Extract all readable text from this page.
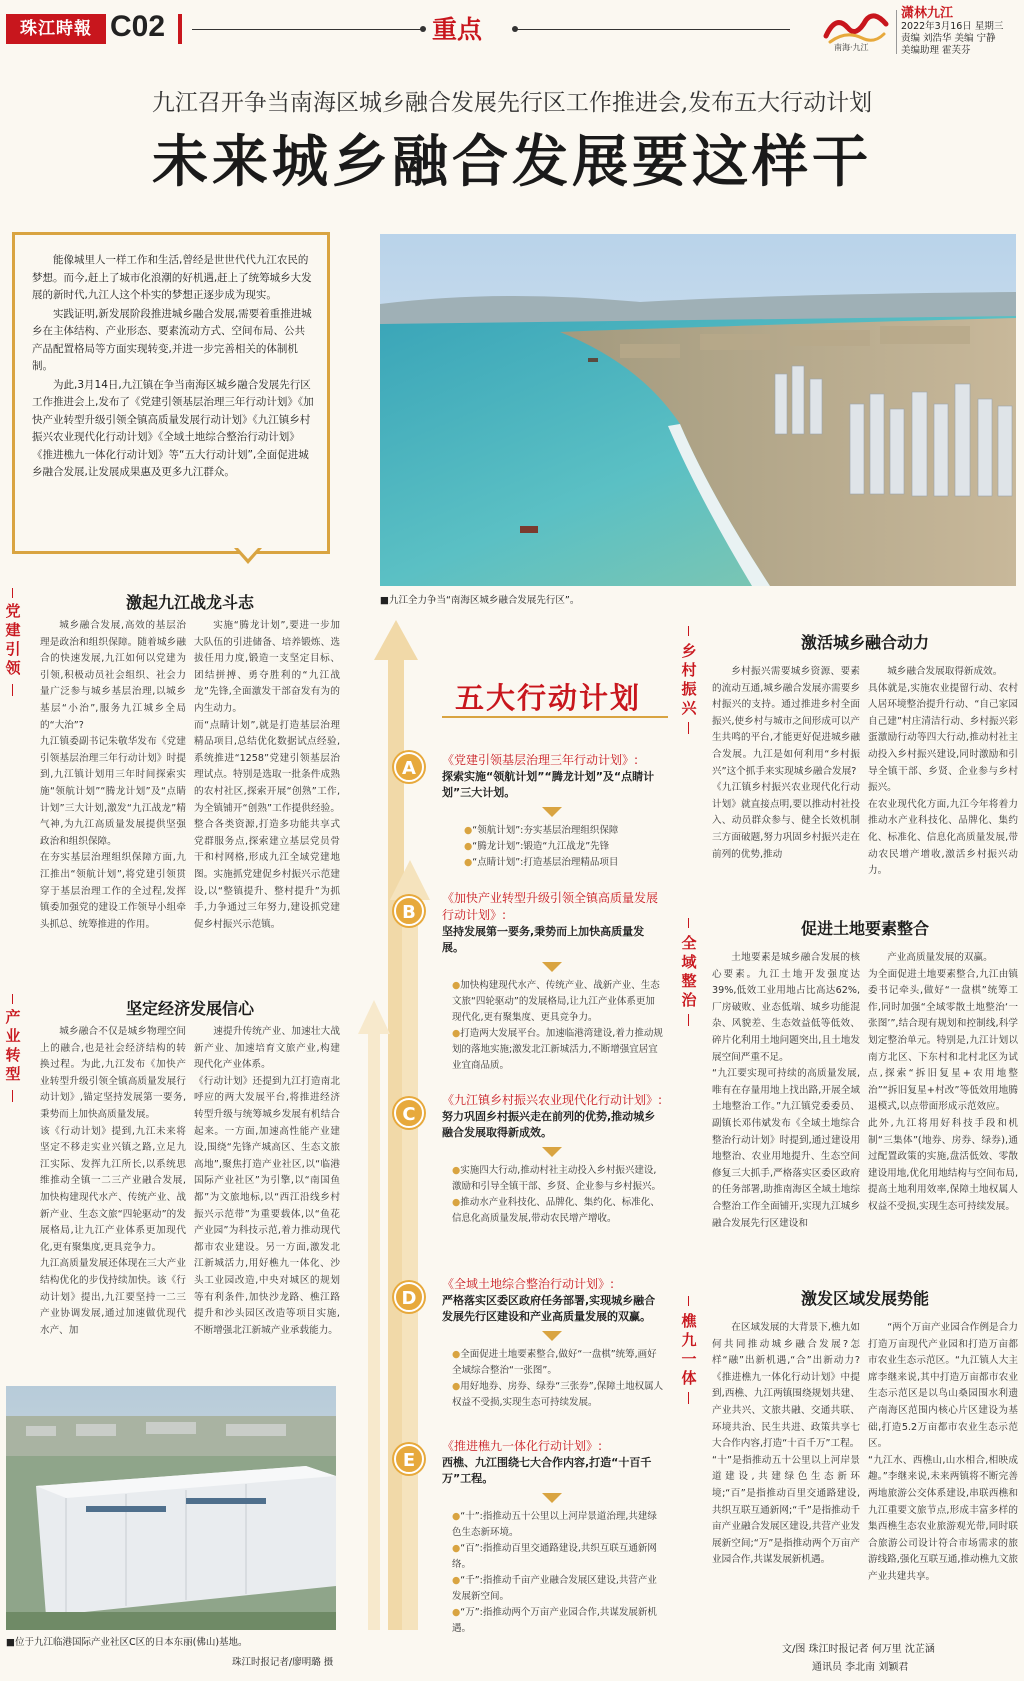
珠江時報 C02	重点
南海·九江
潇林九江
2022年3月16日 星期三
责编 刘浩华 美编 宁静
美编助理 霍芙芬
九江召开争当南海区城乡融合发展先行区工作推进会,发布五大行动计划
未来城乡融合发展要这样干

能像城里人一样工作和生活,曾经是世世代代九江农民的梦想。而今,赶上了城市化浪潮的好机遇,赶上了统筹城乡大发展的新时代,九江人这个朴实的梦想正逐步成为现实。

实践证明,新发展阶段推进城乡融合发展,需要着重推进城乡在主体结构、产业形态、要素流动方式、空间布局、公共产品配置格局等方面实现转变,并进一步完善相关的体制机制。

为此,3月14日,九江镇在争当南海区城乡融合发展先行区工作推进会上,发布了《党建引领基层治理三年行动计划》《加快产业转型升级引领全镇高质量发展行动计划》《九江镇乡村振兴农业现代化行动计划》《全域土地综合整治行动计划》《推进樵九一体化行动计划》等“五大行动计划”,全面促进城乡融合发展,让发展成果惠及更多九江群众。

■九江全力争当“南海区城乡融合发展先行区”。
党建引领
激起九江战龙斗志
城乡融合发展,高效的基层治理是政治和组织保障。随着城乡融合的快速发展,九江如何以党建为引领,积极动员社会组织、社会力量广泛参与城乡基层治理,以城乡基层“小治”,服务九江城乡全局的“大治”?
九江镇委副书记朱敬华发布《党建引领基层治理三年行动计划》时提到,九江镇计划用三年时间探索实施“领航计划”“腾龙计划”及“点睛计划”三大计划,激发“九江战龙”精气神,为九江高质量发展提供坚强政治和组织保障。
在夯实基层治理组织保障方面,九江推出“领航计划”,将党建引领贯穿于基层治理工作的全过程,发挥镇委加强党的建设工作领导小组牵头抓总、统筹推进的作用。
实施“腾龙计划”,要进一步加大队伍的引进储备、培养锻炼、选拔任用力度,锻造一支坚定目标、团结拼搏、勇夺胜利的“九江战龙”先锋,全面激发干部奋发有为的内生动力。
而“点睛计划”,就是打造基层治理精品项目,总结优化数据试点经验,系统推进“1258”党建引领基层治理试点。特别是选取一批条件成熟的农村社区,探索开展“创熟”工作,为全镇铺开“创熟”工作提供经验。整合各类资源,打造多功能共享式党群服务点,探索建立基层党员骨干和村网格,形成九江全域党建地图。实施抓党建促乡村振兴示范建设,以“整镇提升、整村提升”为抓手,力争通过三年努力,建设抓党建促乡村振兴示范镇。
产业转型
坚定经济发展信心
城乡融合不仅是城乡物理空间上的融合,也是社会经济结构的转换过程。为此,九江发布《加快产业转型升级引领全镇高质量发展行动计划》,锚定坚持发展第一要务,秉势而上加快高质量发展。
该《行动计划》提到,九江未来将坚定不移走实业兴镇之路,立足九江实际、发挥九江所长,以系统思维推动全镇一二三产业融合发展,加快构建现代水产、传统产业、战新产业、生态文旅“四轮驱动”的发展格局,让九江产业体系更加现代化,更有聚集度,更具竞争力。
九江高质量发展还体现在三大产业结构优化的步伐持续加快。该《行动计划》提出,九江要坚持一二三产业协调发展,通过加速做优现代水产、加
速提升传统产业、加速壮大战新产业、加速培育文旅产业,构建现代化产业体系。
《行动计划》还提到九江打造南北呼应的两大发展平台,将推进经济转型升级与统筹城乡发展有机结合起来。一方面,加速高性能产业建设,围绕“先锋产城高区、生态文旅高地”,聚焦打造产业社区,以“临港国际产业社区”为引擎,以“南国鱼都”为文旅地标,以“西江沿线乡村振兴示范带”为重要载体,以“鱼花产业园”为科技示范,着力推动现代都市农业建设。另一方面,激发北江新城活力,用好樵九一体化、沙头工业园改造,中央对城区的规划等有利条件,加快沙龙路、樵江路提升和沙头园区改造等项目实施,不断增强北江新城产业承载能力。
■位于九江临港国际产业社区C区的日本东丽(佛山)基地。
珠江时报记者/廖明璐 摄
五大行动计划
A	《党建引领基层治理三年行动计划》:
探索实施“领航计划”“腾龙计划”及“点睛计划”三大计划。
●“领航计划”:夯实基层治理组织保障
●“腾龙计划”:锻造“九江战龙”先锋
●“点睛计划”:打造基层治理精品项目
B
《加快产业转型升级引领全镇高质量发展行动计划》:
坚持发展第一要务,秉势而上加快高质量发展。
●加快构建现代水产、传统产业、战新产业、生态文旅“四轮驱动”的发展格局,让九江产业体系更加现代化,更有聚集度、更具竞争力。
●打造两大发展平台。加速临港湾建设,着力推动规划的落地实施;激发北江新城活力,不断增强宜居宜业宜商品质。
C
《九江镇乡村振兴农业现代化行动计划》:
努力巩固乡村振兴走在前列的优势,推动城乡融合发展取得新成效。
●实施四大行动,推动村社主动投入乡村振兴建设,激励和引导全镇干部、乡贤、企业参与乡村振兴。
●推动水产业科技化、品牌化、集约化、标准化、信息化高质量发展,带动农民增产增收。
D
《全域土地综合整治行动计划》:
严格落实区委区政府任务部署,实现城乡融合发展先行区建设和产业高质量发展的双赢。
●全面促进土地要素整合,做好“一盘棋”统筹,画好全域综合整治“一张图”。
●用好地券、房券、绿券“三张券”,保障土地权属人权益不受损,实现生态可持续发展。
E
《推进樵九一体化行动计划》:
西樵、九江围绕七大合作内容,打造“十百千万”工程。
●“十”:指推动五十公里以上河岸景道治理,共建绿色生态新环境。
●“百”:指推动百里交通路建设,共织互联互通新网络。
●“千”:指推动千亩产业融合发展区建设,共营产业发展新空间。
●“万”:指推动两个万亩产业园合作,共谋发展新机遇。
乡村振兴
激活城乡融合动力
乡村振兴需要城乡资源、要素的流动互通,城乡融合发展亦需要乡村振兴的支持。通过推进乡村全面振兴,使乡村与城市之间形成可以产生共鸣的平台,才能更好促进城乡融合发展。九江是如何利用“乡村振兴”这个抓手来实现城乡融合发展?
《九江镇乡村振兴农业现代化行动计划》就直接点明,要以推动村社投入、动员群众参与、健全长效机制三方面破题,努力巩固乡村振兴走在前列的优势,推动
城乡融合发展取得新成效。
具体就是,实施农业提留行动、农村人居环境整治提升行动、“自己家园自己建”村庄清洁行动、乡村振兴彩蛋激励行动等四大行动,推动村社主动投入乡村振兴建设,同时激励和引导全镇干部、乡贤、企业参与乡村振兴。
在农业现代化方面,九江今年将着力推动水产业科技化、品牌化、集约化、标准化、信息化高质量发展,带动农民增产增收,激活乡村振兴动力。
全域整治
促进土地要素整合
土地要素是城乡融合发展的核心要素。九江土地开发强度达39%,低效工业用地占比高达62%,厂房破败、业态低端、城乡功能混杂、风貌差、生态效益低等低效、碎片化利用土地问题突出,且土地发展空间严重不足。
“九江要实现可持续的高质量发展,唯有在存量用地上找出路,开展全域土地整治工作。”九江镇党委委员、副镇长邓伟斌发布《全域土地综合整治行动计划》时提到,通过建设用地整治、农业用地提升、生态空间修复三大抓手,严格落实区委区政府的任务部署,助推南海区全域土地综合整治工作全面铺开,实现九江城乡融合发展先行区建设和
产业高质量发展的双赢。
为全面促进土地要素整合,九江由镇委书记牵头,做好“一盘棋”统筹工作,同时加强“全域零散土地整治‘一张图’”,结合现有规划和控制线,科学划定整治单元。特别是,九江计划以南方北区、下东村和北村北区为试点,探索“拆旧复星+农用地整治”“拆旧复星+村改”等低效用地腾退模式,以点带面形成示范效应。
此外,九江将用好科技手段和机制“三集体”(地券、房券、绿券),通过配置政策的实施,盘活低效、零散建设用地,优化用地结构与空间布局,提高土地利用效率,保障土地权属人权益不受损,实现生态可持续发展。
樵九一体
激发区域发展势能
在区域发展的大背景下,樵九如何共同推动城乡融合发展?怎样“融”出新机遇,“合”出新动力?《推进樵九一体化行动计划》中提到,西樵、九江两镇围绕规划共建、产业共兴、文旅共融、交通共联、环境共治、民生共进、政策共享七大合作内容,打造“十百千万”工程。
“十”是指推动五十公里以上河岸景道建设,共建绿色生态新环境;“百”是指推动百里交通路建设,共织互联互通新网;“千”是指推动千亩产业融合发展区建设,共营产业发展新空间;“万”是指推动两个万亩产业园合作,共谋发展新机遇。
“两个万亩产业园合作例是合力打造万亩现代产业园和打造万亩都市农业生态示范区。“九江镇人大主席李继来说,其中打造万亩都市农业生态示范区是以鸟山桑园围水利遗产南海区范围内核心片区建设为基础,打造5.2万亩都市农业生态示范区。
“九江水、西樵山,山水相合,相映成趣。”李继来说,未来两镇将不断完善两地旅游公交体系建设,串联西樵和九江重要文旅节点,形成丰富多样的集西樵生态农业旅游观光带,同时联合旅游公司设计符合市场需求的旅游线路,强化互联互通,推动樵九文旅产业共建共享。
文/图 珠江时报记者 何万里 沈芷涵
通讯员 李北南 刘颖君
